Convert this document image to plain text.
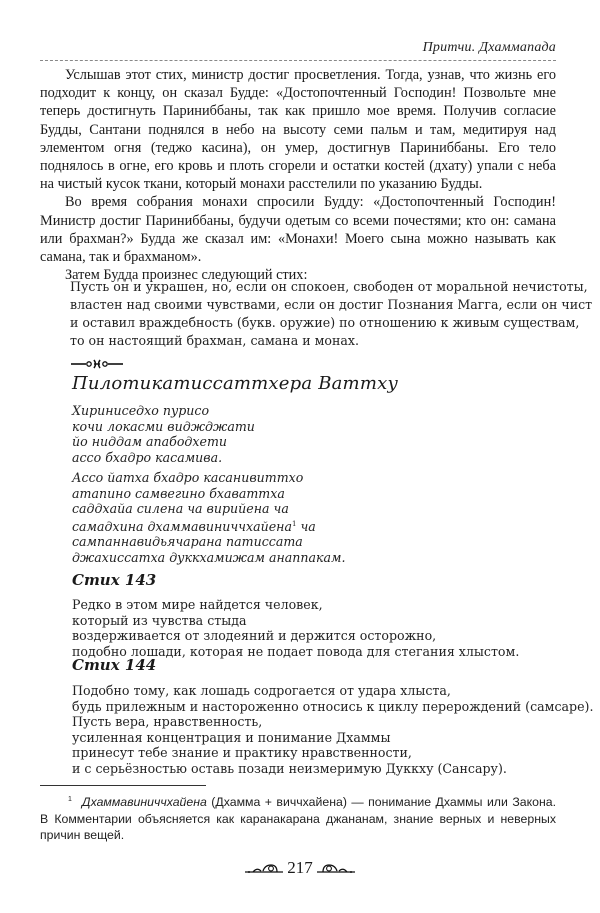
Притчи. Дхаммапада

Услышав этот стих, министр достиг просветления. Тогда, узнав, что жизнь его подходит к концу, он сказал Будде: «Достопочтенный Господин! Позвольте мне теперь достигнуть Париниббаны, так как пришло мое время. Получив согласие Будды, Сантани поднялся в небо на высоту семи пальм и там, медитируя над элементом огня (теджо касина), он умер, достигнув Париниббаны. Его тело поднялось в огне, его кровь и плоть сгорели и остатки костей (дхату) упали с неба на чистый кусок ткани, который монахи расстелили по указанию Будды.

Во время собрания монахи спросили Будду: «Достопочтенный Господин! Министр достиг Париниббаны, будучи одетым со всеми почестями; кто он: самана или брахман?» Будда же сказал им: «Монахи! Моего сына можно называть как самана, так и брахманом».

Затем Будда произнес следующий стих:

Пусть он и украшен, но, если он спокоен, свободен от моральной нечистоты,
властен над своими чувствами, если он достиг Познания Магга, если он чист
и оставил враждебность (букв. оружие) по отношению к живым существам,
то он настоящий брахман, самана и монах.
Пилотикатиссаттхера Ваттху
Хириниседхо пурисо
кочи локасми виджджати
йо ниддам апабодхети
ассо бхадро касамива.
Ассо йатха бхадро касанивиттхо
атапино самвегино бхаваттха
саддхайа силена ча вирийена ча
самадхина дхаммавиниччхайена$^1$ ча
сампаннавидьячарана патиссата
джахиссатха дуккхамижам анаппакам.
Стих 143
Редко в этом мире найдется человек,
который из чувства стыда
воздерживается от злодеяний и держится осторожно,
подобно лошади, которая не подает повода для стегания хлыстом.
Стих 144
Подобно тому, как лошадь содрогается от удара хлыста,
будь прилежным и настороженно относись к циклу перерождений (самсаре).
Пусть вера, нравственность,
усиленная концентрация и понимание Дхаммы
принесут тебе знание и практику нравственности,
и с серьёзностью оставь позади неизмеримую Дуккху (Сансару).
$^1$ Дхаммавиниччхайена (Дхамма + виччхайена) — понимание Дхаммы или Закона. В Комментарии объясняется как каранакарана джананам, знание верных и неверных причин вещей.
217
